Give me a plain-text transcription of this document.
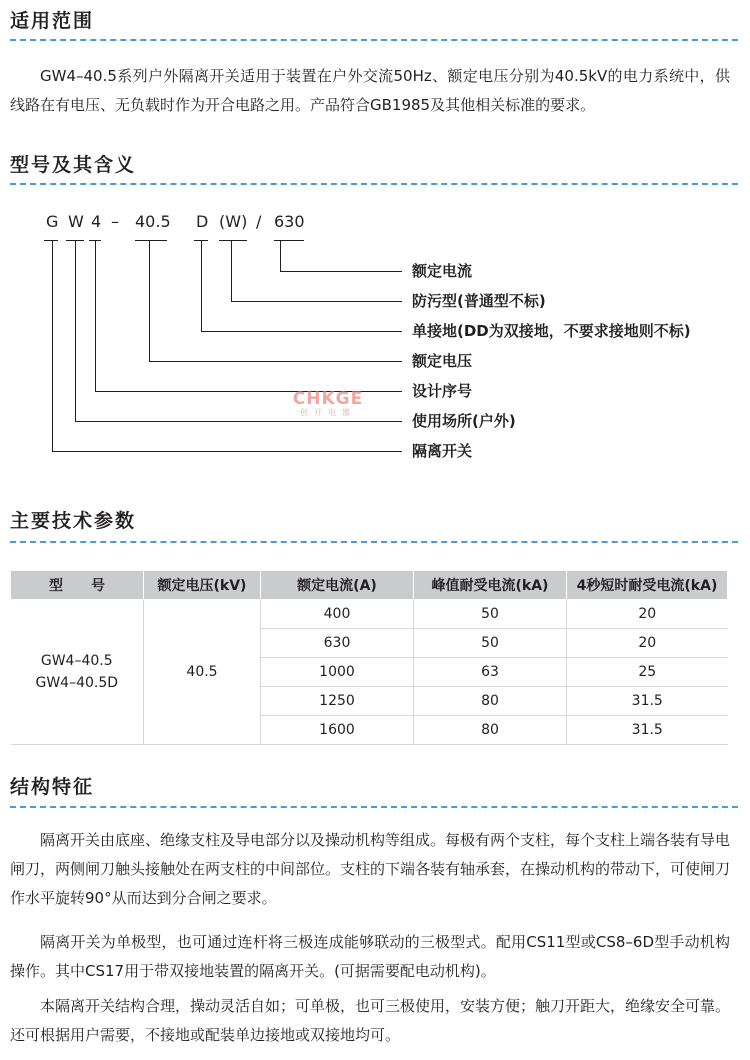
适用范围
GW4–40.5系列户外隔离开关适用于装置在户外交流50Hz、额定电压分别为40.5kV的电力系统中，供线路在有电压、无负载时作为开合电路之用。产品符合GB1985及其他相关标准的要求。
型号及其含义
G W 4 – 40.5 D (W) / 630
额定电流
防污型(普通型不标)
单接地(DD为双接地，不要求接地则不标)
额定电压
设计序号
使用场所(户外)
隔离开关
CHKGE
创开电器
主要技术参数
型　　号	额定电压(kV)	额定电流(A)	峰值耐受电流(kA)	4秒短时耐受电流(kA)

GW4–40.5
GW4–40.5D	40.5	400	50	20
		630	50	20
		1000	63	25
		1250	80	31.5
		1600	80	31.5
结构特征
隔离开关由底座、绝缘支柱及导电部分以及操动机构等组成。每极有两个支柱，每个支柱上端各装有导电闸刀，两侧闸刀触头接触处在两支柱的中间部位。支柱的下端各装有轴承套，在操动机构的带动下，可使闸刀作水平旋转90°从而达到分合闸之要求。
隔离开关为单极型，也可通过连杆将三极连成能够联动的三极型式。配用CS11型或CS8–6D型手动机构操作。其中CS17用于带双接地装置的隔离开关。(可据需要配电动机构)。
本隔离开关结构合理，操动灵活自如；可单极，也可三极使用，安装方便；触刀开距大，绝缘安全可靠。还可根据用户需要，不接地或配装单边接地或双接地均可。
